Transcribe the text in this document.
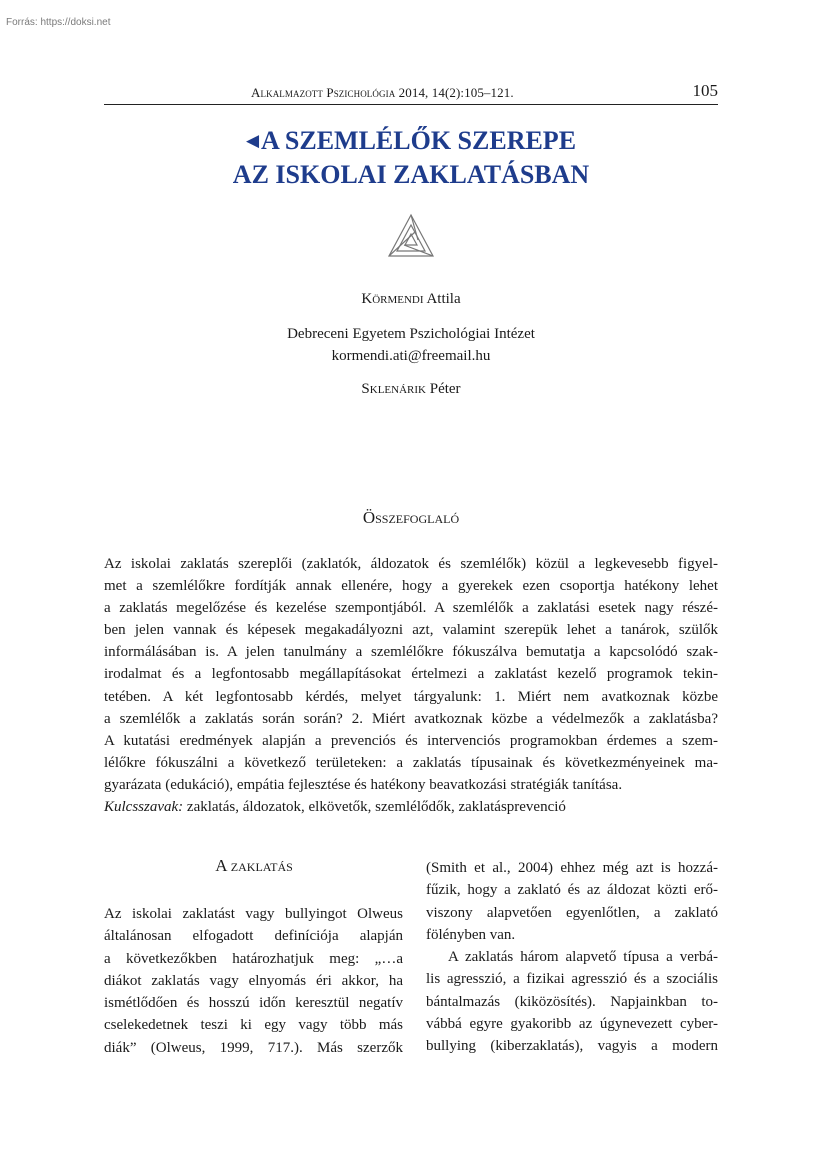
Forrás: https://doksi.net
Alkalmazott Pszichológia 2014, 14(2):105–121.	105
◀A SZEMLÉLŐK SZEREPE
AZ ISKOLAI ZAKLATÁSBAN

Körmendi Attila

Debreceni Egyetem Pszichológiai Intézet

kormendi.ati@freemail.hu

Sklenárik Péter

Összefoglaló
Az iskolai zaklatás szereplői (zaklatók, áldozatok és szemlélők) közül a legkevesebb figyel-
met a szemlélőkre fordítják annak ellenére, hogy a gyerekek ezen csoportja hatékony lehet
a zaklatás megelőzése és kezelése szempontjából. A szemlélők a zaklatási esetek nagy részé-
ben jelen vannak és képesek megakadályozni azt, valamint szerepük lehet a tanárok, szülők
informálásában is. A jelen tanulmány a szemlélőkre fókuszálva bemutatja a kapcsolódó szak-
irodalmat és a legfontosabb megállapításokat értelmezi a zaklatást kezelő programok tekin-
tetében. A két legfontosabb kérdés, melyet tárgyalunk: 1. Miért nem avatkoznak közbe
a szemlélők a zaklatás során során? 2. Miért avatkoznak közbe a védelmezők a zaklatásba?
A kutatási eredmények alapján a prevenciós és intervenciós programokban érdemes a szem-
lélőkre fókuszálni a következő területeken: a zaklatás típusainak és következményeinek ma-
gyarázata (edukáció), empátia fejlesztése és hatékony beavatkozási stratégiák tanítása.
Kulcsszavak: zaklatás, áldozatok, elkövetők, szemlélődők, zaklatásprevenció
A zaklatás
Az iskolai zaklatást vagy bullyingot Olweus
általánosan elfogadott definíciója alapján
a következőkben határozhatjuk meg: „…a
diákot zaklatás vagy elnyomás éri akkor, ha
ismétlődően és hosszú időn keresztül negatív
cselekedetnek teszi ki egy vagy több más
diák” (Olweus, 1999, 717.). Más szerzők
(Smith et al., 2004) ehhez még azt is hozzá-
fűzik, hogy a zaklató és az áldozat közti erő-
viszony alapvetően egyenlőtlen, a zaklató
fölényben van.
A zaklatás három alapvető típusa a verbá-
lis agresszió, a fizikai agresszió és a szociális
bántalmazás (kiközösítés). Napjainkban to-
vábbá egyre gyakoribb az úgynevezett cyber-
bullying (kiberzaklatás), vagyis a modern
